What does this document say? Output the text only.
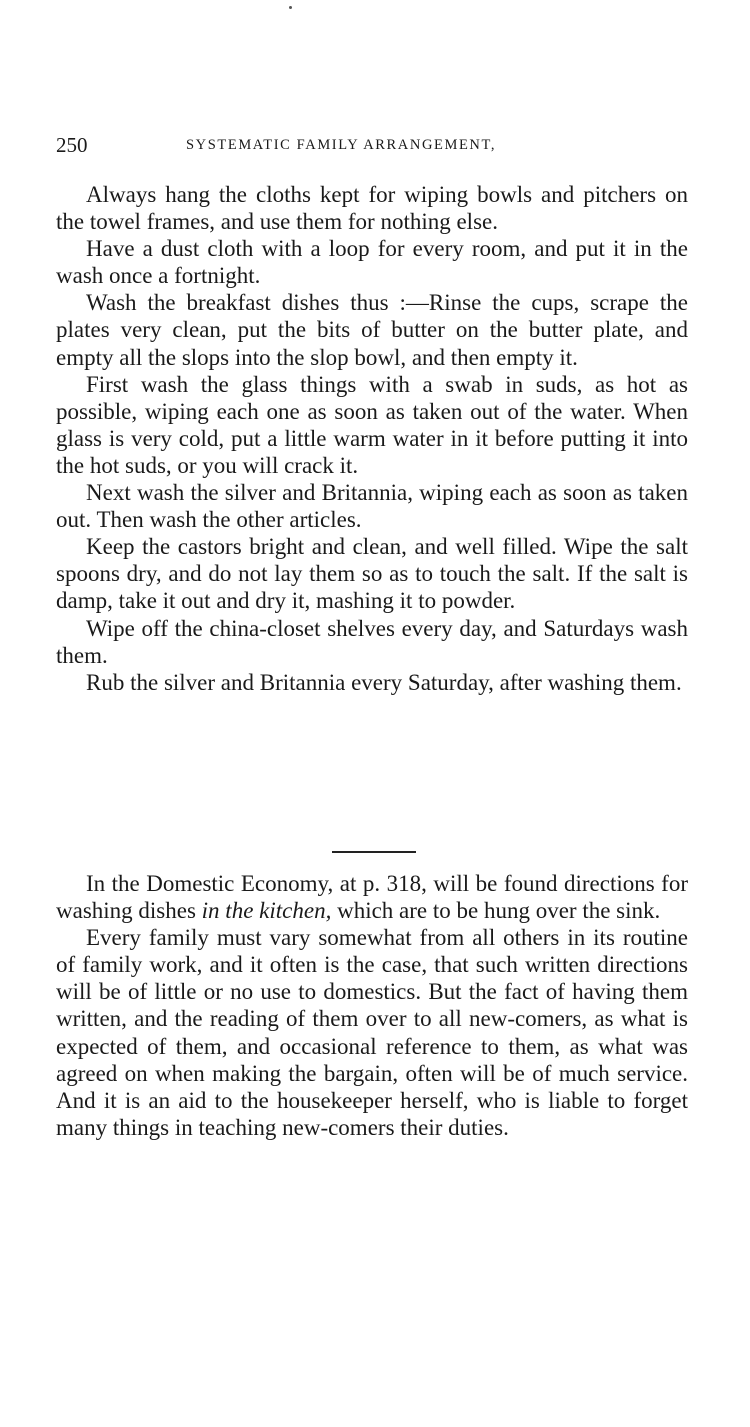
250	SYSTEMATIC FAMILY ARRANGEMENT,

Always hang the cloths kept for wiping bowls and pitchers on the towel frames, and use them for nothing else.

Have a dust cloth with a loop for every room, and put it in the wash once a fortnight.

Wash the breakfast dishes thus :—Rinse the cups, scrape the plates very clean, put the bits of butter on the butter plate, and empty all the slops into the slop bowl, and then empty it.

First wash the glass things with a swab in suds, as hot as possible, wiping each one as soon as taken out of the water. When glass is very cold, put a little warm water in it before putting it into the hot suds, or you will crack it.

Next wash the silver and Britannia, wiping each as soon as taken out. Then wash the other articles.

Keep the castors bright and clean, and well filled. Wipe the salt spoons dry, and do not lay them so as to touch the salt. If the salt is damp, take it out and dry it, mashing it to powder.

Wipe off the china-closet shelves every day, and Saturdays wash them.

Rub the silver and Britannia every Saturday, after washing them.

In the Domestic Economy, at p. 318, will be found directions for washing dishes in the kitchen, which are to be hung over the sink.

Every family must vary somewhat from all others in its routine of family work, and it often is the case, that such written directions will be of little or no use to domestics. But the fact of having them written, and the reading of them over to all new-comers, as what is expected of them, and occasional reference to them, as what was agreed on when making the bargain, often will be of much service. And it is an aid to the housekeeper herself, who is liable to forget many things in teaching new-comers their duties.
